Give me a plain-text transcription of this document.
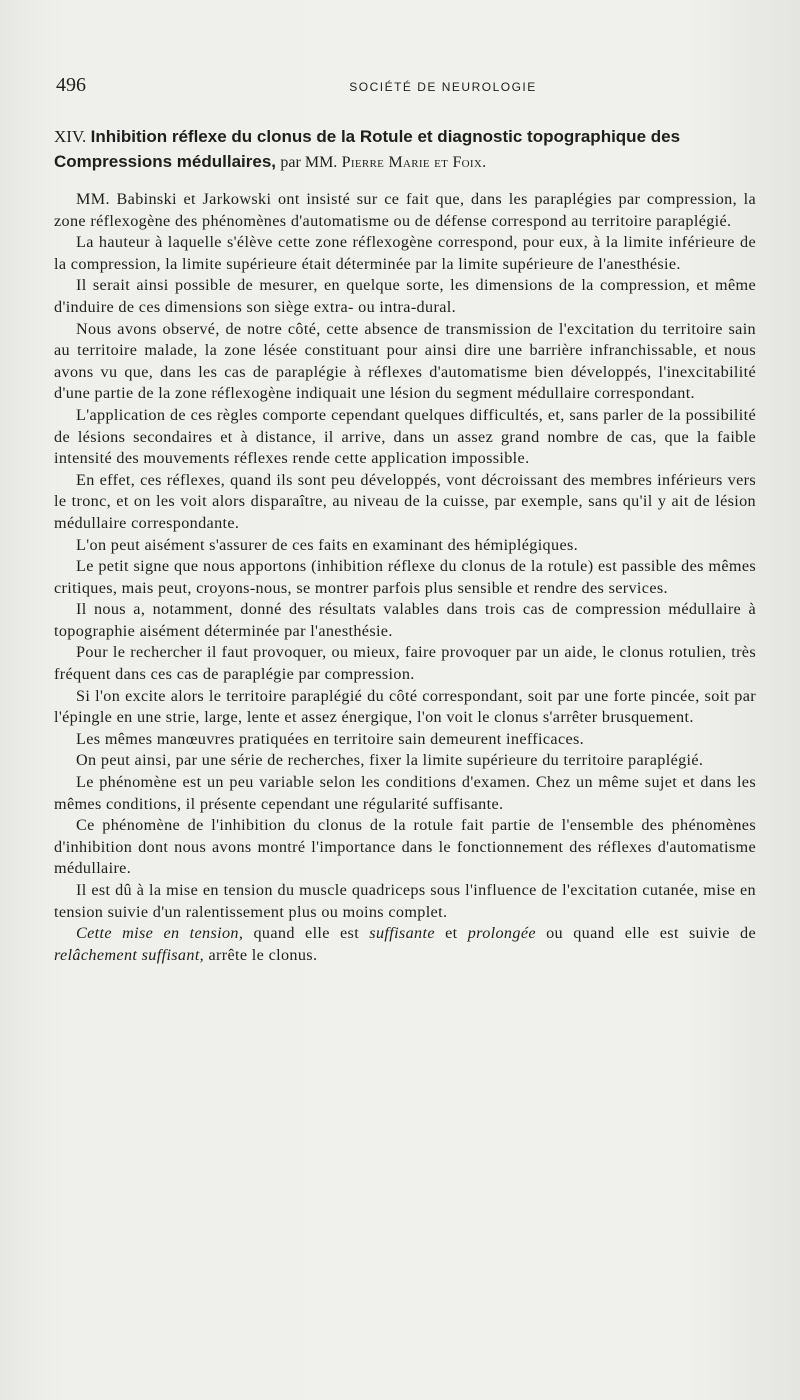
496	SOCIÉTÉ DE NEUROLOGIE

XIV. Inhibition réflexe du clonus de la Rotule et diagnostic topographique des Compressions médullaires, par MM. Pierre Marie et Foix.

MM. Babinski et Jarkowski ont insisté sur ce fait que, dans les paraplégies par compression, la zone réflexogène des phénomènes d'automatisme ou de défense correspond au territoire paraplégié.

La hauteur à laquelle s'élève cette zone réflexogène correspond, pour eux, à la limite inférieure de la compression, la limite supérieure était déterminée par la limite supérieure de l'anesthésie.

Il serait ainsi possible de mesurer, en quelque sorte, les dimensions de la compression, et même d'induire de ces dimensions son siège extra- ou intra-dural.

Nous avons observé, de notre côté, cette absence de transmission de l'excitation du territoire sain au territoire malade, la zone lésée constituant pour ainsi dire une barrière infranchissable, et nous avons vu que, dans les cas de paraplégie à réflexes d'automatisme bien développés, l'inexcitabilité d'une partie de la zone réflexogène indiquait une lésion du segment médullaire correspondant.

L'application de ces règles comporte cependant quelques difficultés, et, sans parler de la possibilité de lésions secondaires et à distance, il arrive, dans un assez grand nombre de cas, que la faible intensité des mouvements réflexes rende cette application impossible.

En effet, ces réflexes, quand ils sont peu développés, vont décroissant des membres inférieurs vers le tronc, et on les voit alors disparaître, au niveau de la cuisse, par exemple, sans qu'il y ait de lésion médullaire correspondante.

L'on peut aisément s'assurer de ces faits en examinant des hémiplégiques.

Le petit signe que nous apportons (inhibition réflexe du clonus de la rotule) est passible des mêmes critiques, mais peut, croyons-nous, se montrer parfois plus sensible et rendre des services.

Il nous a, notamment, donné des résultats valables dans trois cas de compression médullaire à topographie aisément déterminée par l'anesthésie.

Pour le rechercher il faut provoquer, ou mieux, faire provoquer par un aide, le clonus rotulien, très fréquent dans ces cas de paraplégie par compression.

Si l'on excite alors le territoire paraplégié du côté correspondant, soit par une forte pincée, soit par l'épingle en une strie, large, lente et assez énergique, l'on voit le clonus s'arrêter brusquement.

Les mêmes manœuvres pratiquées en territoire sain demeurent inefficaces.

On peut ainsi, par une série de recherches, fixer la limite supérieure du territoire paraplégié.

Le phénomène est un peu variable selon les conditions d'examen. Chez un même sujet et dans les mêmes conditions, il présente cependant une régularité suffisante.

Ce phénomène de l'inhibition du clonus de la rotule fait partie de l'ensemble des phénomènes d'inhibition dont nous avons montré l'importance dans le fonctionnement des réflexes d'automatisme médullaire.

Il est dû à la mise en tension du muscle quadriceps sous l'influence de l'excitation cutanée, mise en tension suivie d'un ralentissement plus ou moins complet.

Cette mise en tension, quand elle est suffisante et prolongée ou quand elle est suivie de relâchement suffisant, arrête le clonus.
